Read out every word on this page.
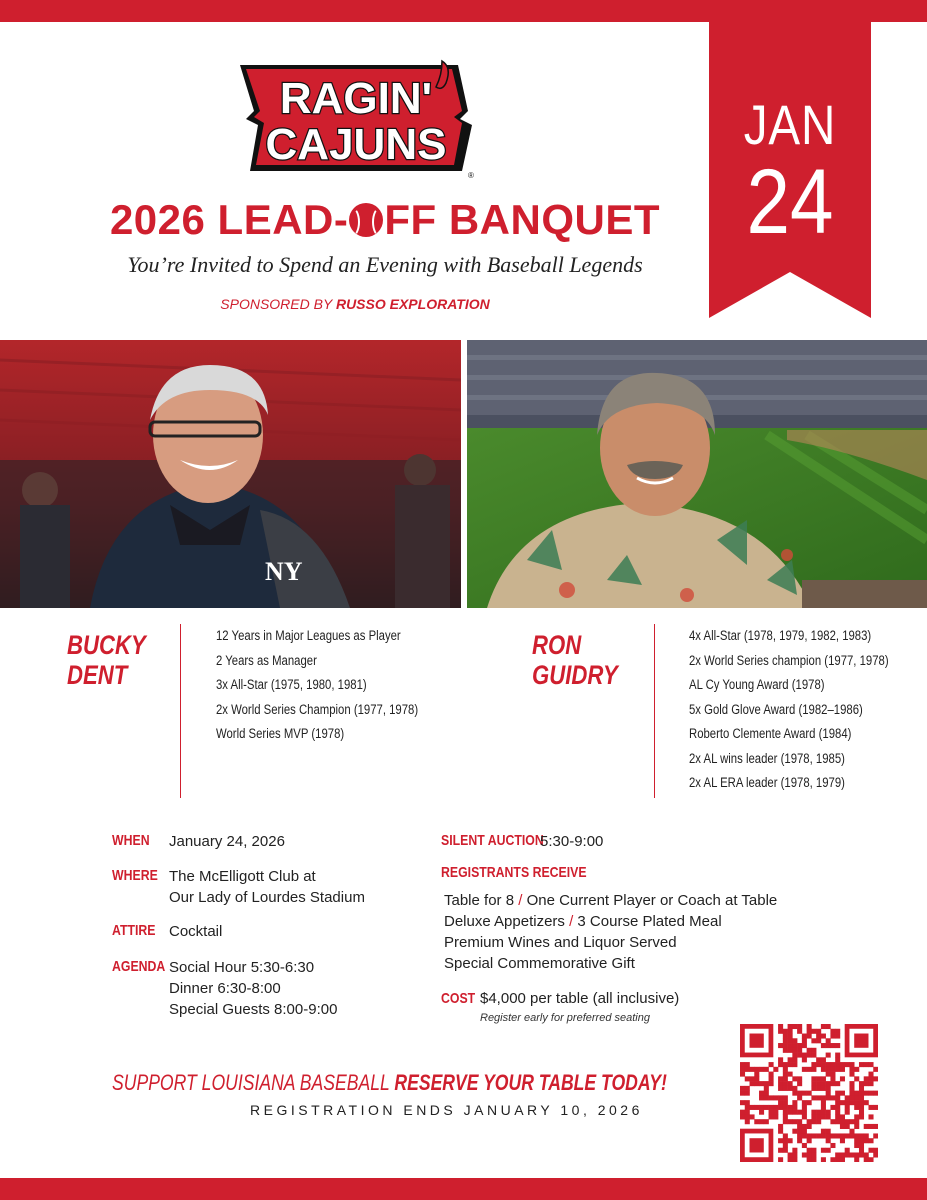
JAN
24
RAGIN'
CAJUNS
®
2026 LEAD- FF BANQUET
You’re Invited to Spend an Evening with Baseball Legends
SPONSORED BY RUSSO EXPLORATION
NY
BUCKY
DENT
12 Years in Major Leagues as Player
2 Years as Manager
3x All-Star (1975, 1980, 1981)
2x World Series Champion (1977, 1978)
World Series MVP (1978)
RON
GUIDRY
4x All-Star (1978, 1979, 1982, 1983)
2x World Series champion (1977, 1978)
AL Cy Young Award (1978)
5x Gold Glove Award (1982–1986)
Roberto Clemente Award (1984)
2x AL wins leader (1978, 1985)
2x AL ERA leader (1978, 1979)
WHEN January 24, 2026
WHERE The McElligott Club at
Our Lady of Lourdes Stadium
ATTIRE Cocktail
AGENDA Social Hour 5:30-6:30
Dinner 6:30-8:00
Special Guests 8:00-9:00
SILENT AUCTION
5:30-9:00
REGISTRANTS RECEIVE
Table for 8 / One Current Player or Coach at Table
Deluxe Appetizers / 3 Course Plated Meal
Premium Wines and Liquor Served
Special Commemorative Gift
COST $4,000 per table (all inclusive)
Register early for preferred seating
SUPPORT LOUISIANA BASEBALL RESERVE YOUR TABLE TODAY!
REGISTRATION ENDS JANUARY 10, 2026
